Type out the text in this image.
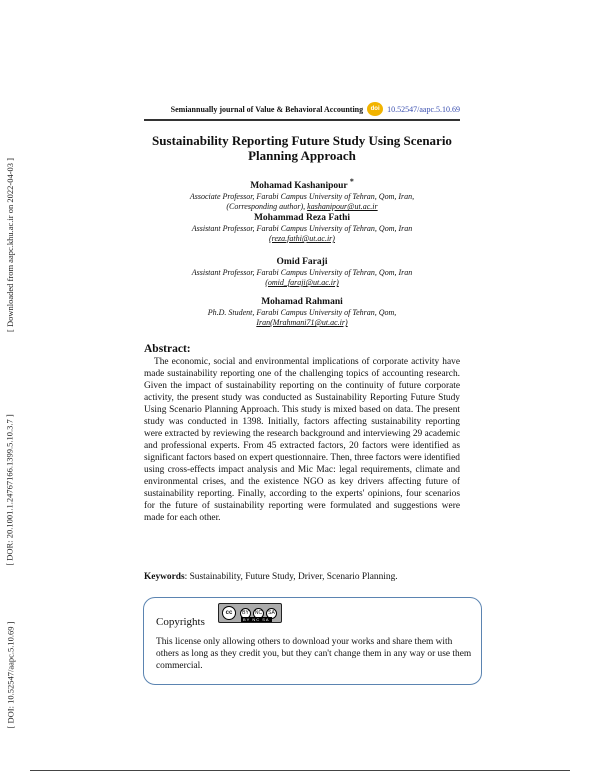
[ Downloaded from aapc.khu.ac.ir on 2022-04-03 ]
[ DOR: 20.1001.1.24767166.1399.5.10.3.7 ]
[ DOI: 10.52547/aapc.5.10.69 ]
Semiannually journal of Value & Behavioral Accounting	doi 10.52547/aapc.5.10.69
Sustainability Reporting Future Study Using Scenario Planning Approach
Mohamad Kashanipour *
Associate Professor, Farabi Campus University of Tehran, Qom, Iran,
(Corresponding author), kashanipour@ut.ac.ir
Mohammad Reza Fathi
Assistant Professor, Farabi Campus University of Tehran, Qom, Iran
(reza.fathi@ut.ac.ir)
Omid Faraji
Assistant Professor, Farabi Campus University of Tehran, Qom, Iran
(omid_faraji@ut.ac.ir)
Mohamad Rahmani
Ph.D. Student, Farabi Campus University of Tehran, Qom,
Iran(Mrahmani71@ut.ac.ir)
Abstract:

The economic, social and environmental implications of corporate activity have made sustainability reporting one of the challenging topics of accounting research. Given the impact of sustainability reporting on the continuity of future corporate activity, the present study was conducted as Sustainability Reporting Future Study Using Scenario Planning Approach. This study is mixed based on data. The present study was conducted in 1398. Initially, factors affecting sustainability reporting were extracted by reviewing the research background and interviewing 29 academic and professional experts. From 45 extracted factors, 20 factors were identified as significant factors based on expert questionnaire. Then, three factors were identified using cross-effects impact analysis and Mic Mac: legal requirements, climate and environmental crises, and the existence NGO as key drivers affecting future of sustainability reporting. Finally, according to the experts' opinions, four scenarios for the future of sustainability reporting were formulated and suggestions were made for each other.

Keywords: Sustainability, Future Study, Driver, Scenario Planning.
Copyrights
cc	BY	NC	SA
BY NC SA

This license only allowing others to download your works and share them with others as long as they credit you, but they can't change them in any way or use them commercial.
